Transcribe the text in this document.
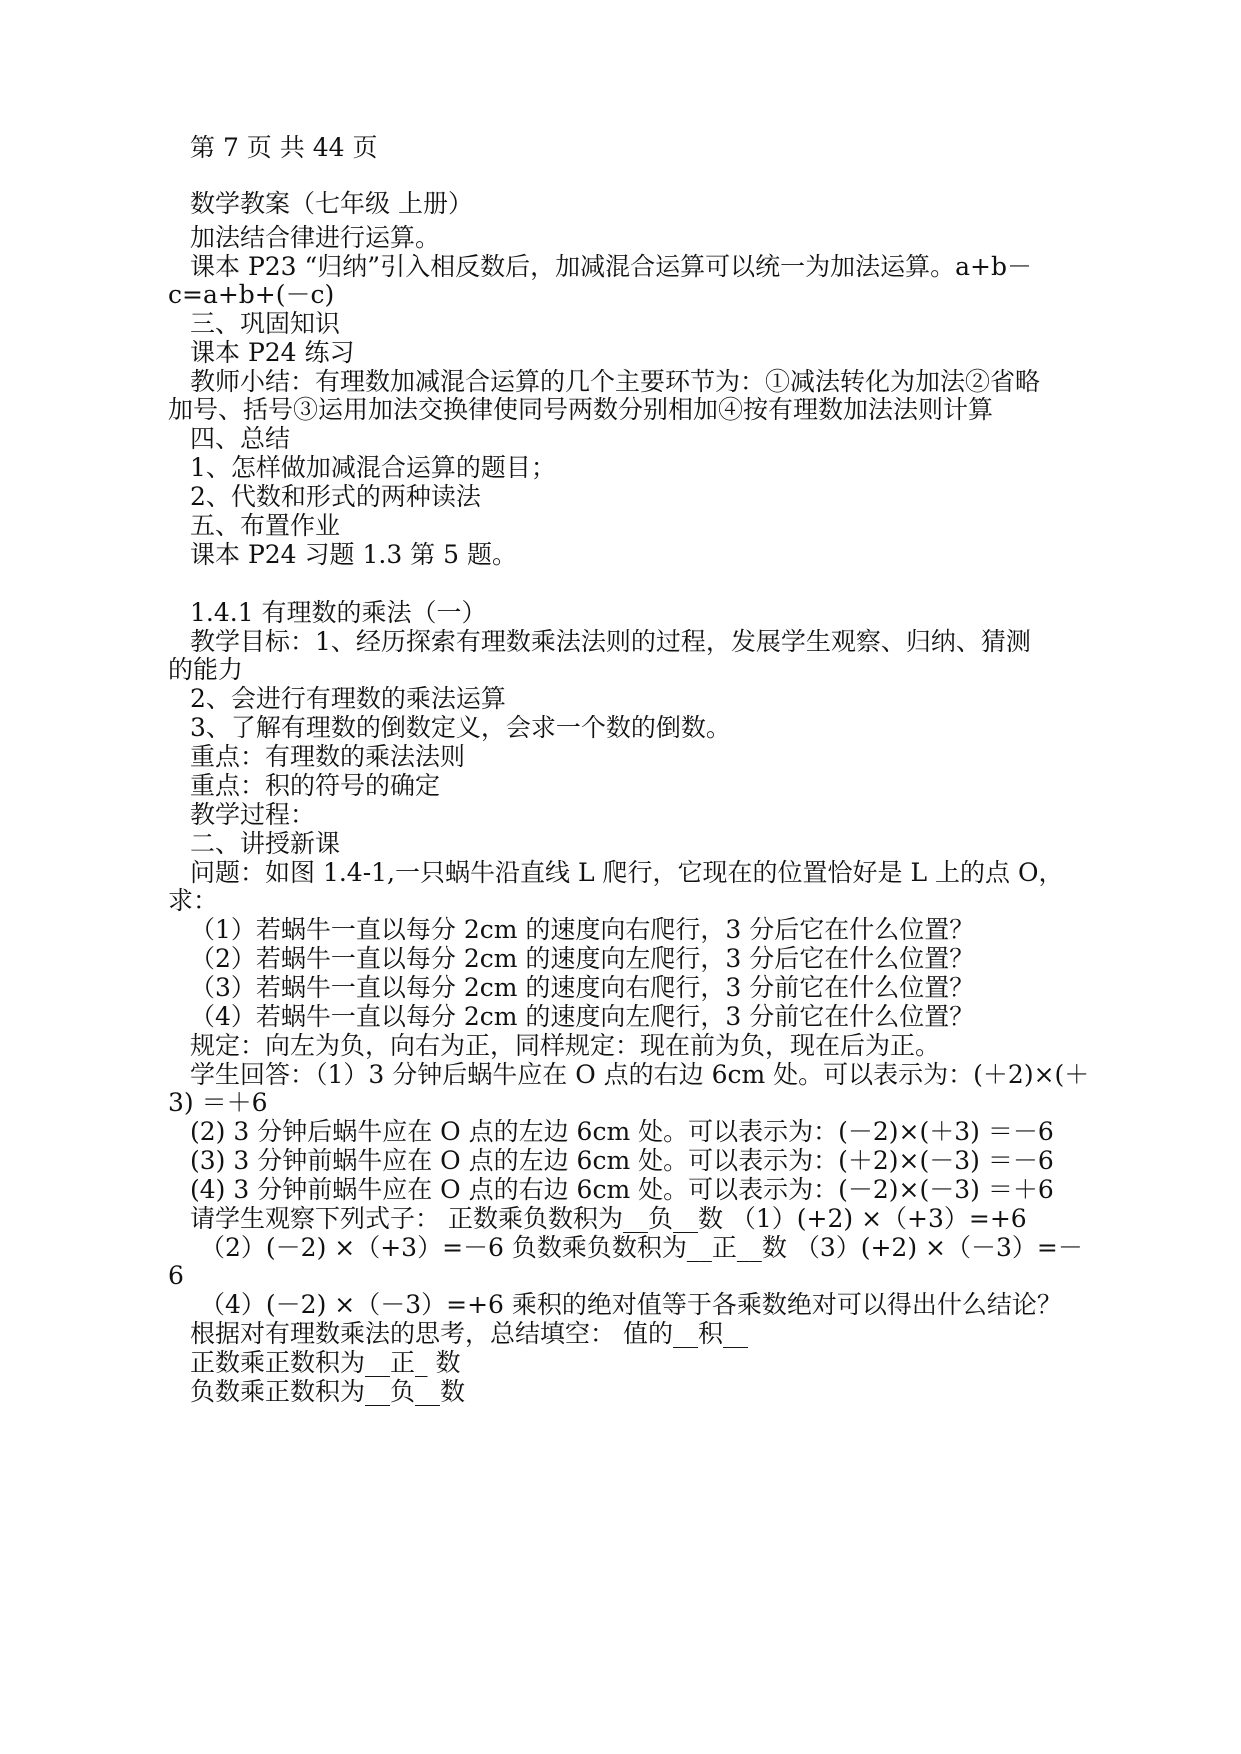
第 7 页 共 44 页
数学教案（七年级 上册）
加法结合律进行运算。
课本 P23 “归纳”引入相反数后，加减混合运算可以统一为加法运算。a+b－
c=a+b+(－c)
三、巩固知识
课本 P24 练习
教师小结：有理数加减混合运算的几个主要环节为：①减法转化为加法②省略
加号、括号③运用加法交换律使同号两数分别相加④按有理数加法法则计算
四、总结
1、怎样做加减混合运算的题目；
2、代数和形式的两种读法
五、布置作业
课本 P24 习题 1.3 第 5 题。
1.4.1 有理数的乘法（一）
教学目标：1、经历探索有理数乘法法则的过程，发展学生观察、归纳、猜测
的能力
2、会进行有理数的乘法运算
3、了解有理数的倒数定义，会求一个数的倒数。
重点：有理数的乘法法则
重点：积的符号的确定
教学过程：
二、讲授新课
问题：如图 1.4-1,一只蜗牛沿直线 L 爬行，它现在的位置恰好是 L 上的点 O，
求：
（1）若蜗牛一直以每分 2cm 的速度向右爬行，3 分后它在什么位置？
（2）若蜗牛一直以每分 2cm 的速度向左爬行，3 分后它在什么位置？
（3）若蜗牛一直以每分 2cm 的速度向右爬行，3 分前它在什么位置？
（4）若蜗牛一直以每分 2cm 的速度向左爬行，3 分前它在什么位置？
规定：向左为负，向右为正，同样规定：现在前为负，现在后为正。
学生回答：（1）3 分钟后蜗牛应在 O 点的右边 6cm 处。可以表示为：(＋2)×(＋
3) ＝＋6
(2) 3 分钟后蜗牛应在 O 点的左边 6cm 处。可以表示为：(－2)×(＋3) ＝－6
(3) 3 分钟前蜗牛应在 O 点的左边 6cm 处。可以表示为：(＋2)×(－3) ＝－6
(4) 3 分钟前蜗牛应在 O 点的右边 6cm 处。可以表示为：(－2)×(－3) ＝＋6
请学生观察下列式子： 正数乘负数积为__负__数 （1）(+2) ×（+3）=+6
（2）(－2) ×（+3）=－6 负数乘负数积为__正__数 （3）(+2) ×（－3）=－
6
（4）(－2) ×（－3）=+6 乘积的绝对值等于各乘数绝对可以得出什么结论？
根据对有理数乘法的思考，总结填空： 值的__积__
正数乘正数积为__正_ 数
负数乘正数积为__负__数
